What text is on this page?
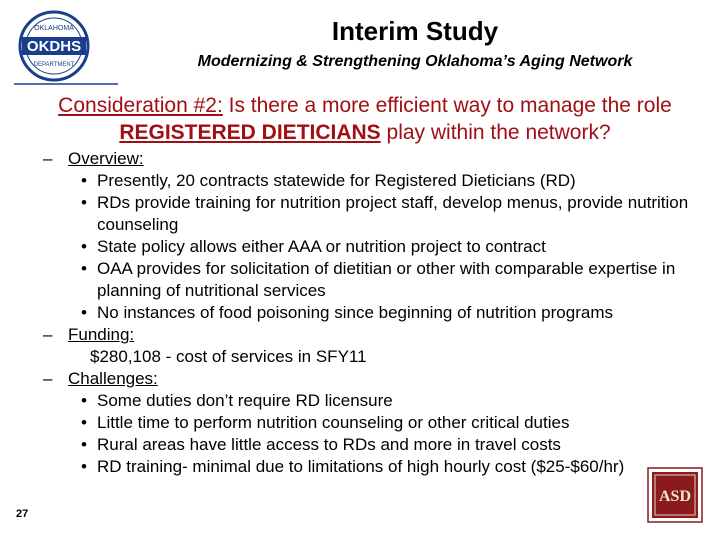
OKLAHOMA
OKDHS
DEPARTMENT
Interim Study
Modernizing & Strengthening Oklahoma’s Aging Network
Consideration #2: Is there a more efficient way to manage the role REGISTERED DIETICIANS play within the network?
– Overview:
• Presently, 20 contracts statewide for Registered Dieticians (RD)
• RDs provide training for nutrition project staff, develop menus, provide nutrition counseling
• State policy allows either AAA or nutrition project to contract
• OAA provides for solicitation of dietitian or other with comparable expertise in planning of nutritional services
• No instances of food poisoning since beginning of nutrition programs
– Funding:
$280,108 - cost of services in SFY11
– Challenges:
• Some duties don’t require RD licensure
• Little time to perform nutrition counseling or other critical duties
• Rural areas have little access to RDs and more in travel costs
• RD training- minimal due to limitations of high hourly cost ($25-$60/hr)
27
ASD
